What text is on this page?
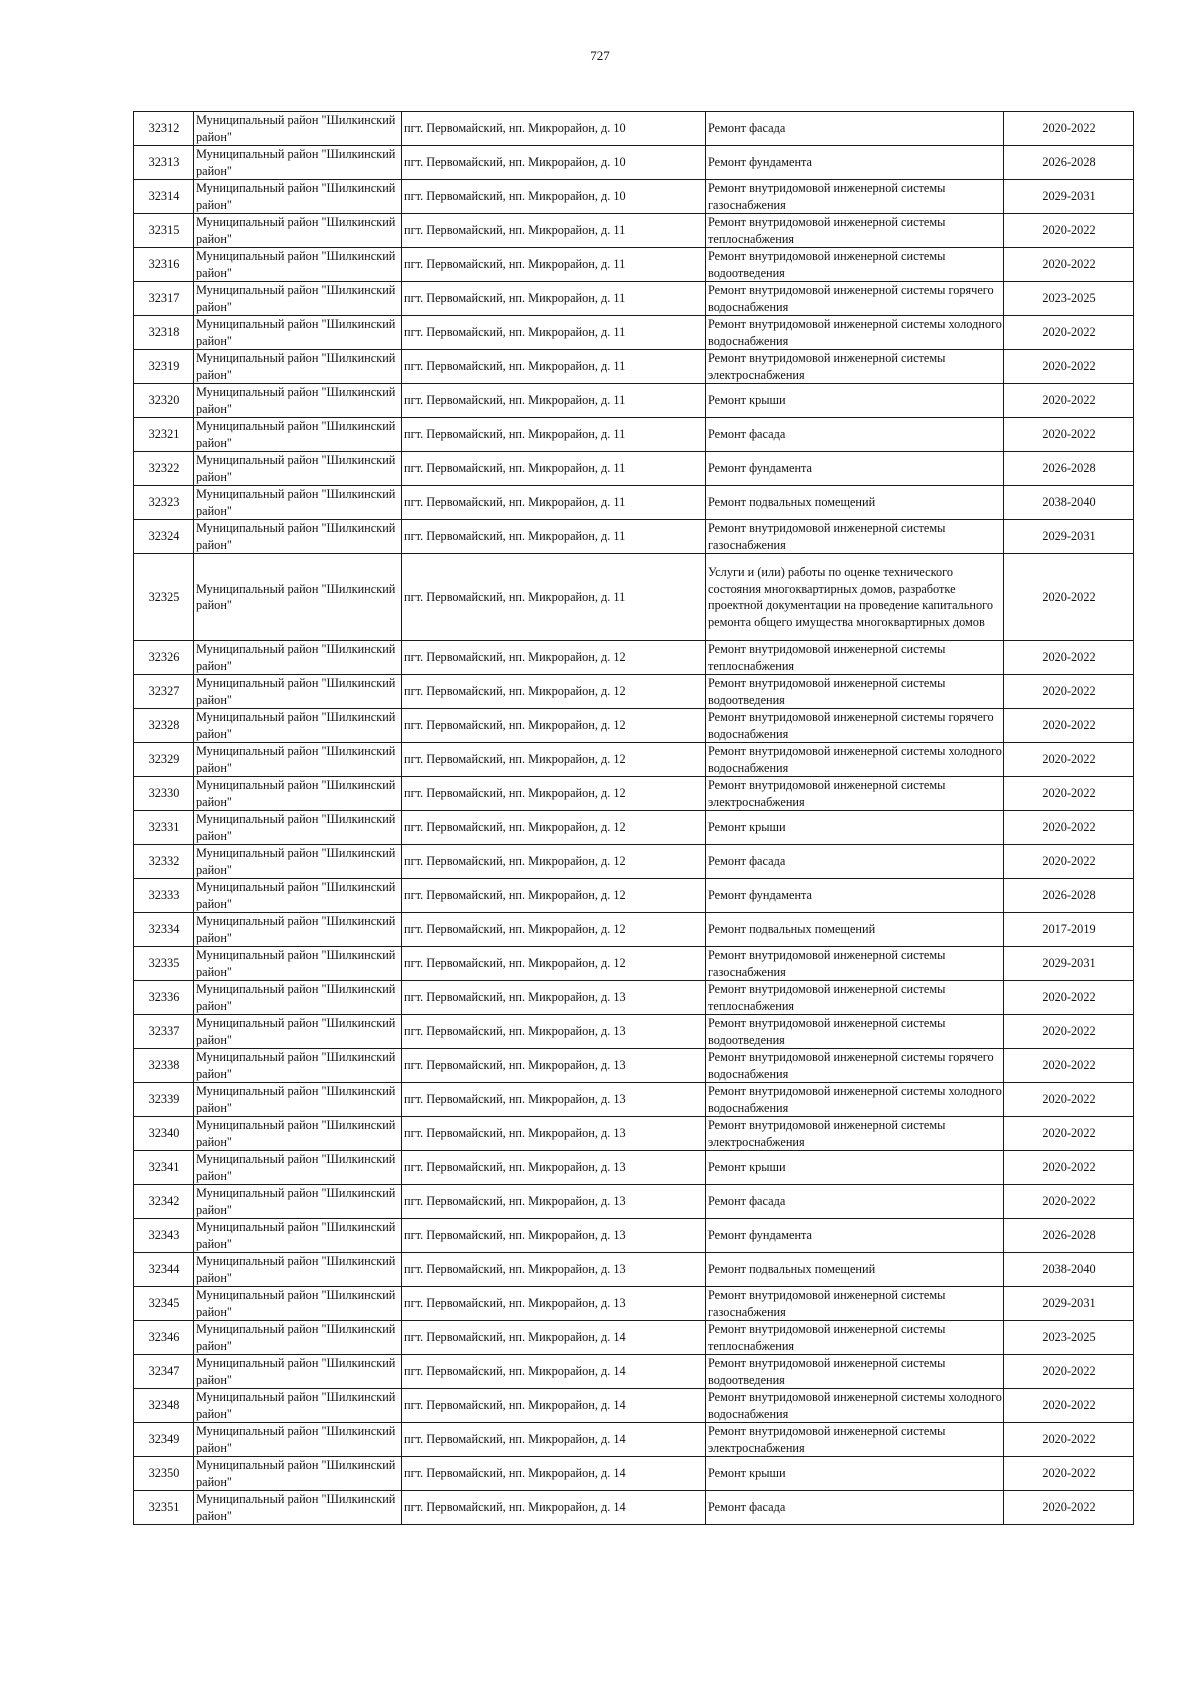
727
32312	Муниципальный район "Шилкинский район"	пгт. Первомайский, нп. Микрорайон, д. 10	Ремонт фасада	2020-2022
32313	Муниципальный район "Шилкинский район"	пгт. Первомайский, нп. Микрорайон, д. 10	Ремонт фундамента	2026-2028
32314	Муниципальный район "Шилкинский район"	пгт. Первомайский, нп. Микрорайон, д. 10	Ремонт внутридомовой инженерной системы газоснабжения	2029-2031
32315	Муниципальный район "Шилкинский район"	пгт. Первомайский, нп. Микрорайон, д. 11	Ремонт внутридомовой инженерной системы теплоснабжения	2020-2022
32316	Муниципальный район "Шилкинский район"	пгт. Первомайский, нп. Микрорайон, д. 11	Ремонт внутридомовой инженерной системы водоотведения	2020-2022
32317	Муниципальный район "Шилкинский район"	пгт. Первомайский, нп. Микрорайон, д. 11	Ремонт внутридомовой инженерной системы горячего водоснабжения	2023-2025
32318	Муниципальный район "Шилкинский район"	пгт. Первомайский, нп. Микрорайон, д. 11	Ремонт внутридомовой инженерной системы холодного водоснабжения	2020-2022
32319	Муниципальный район "Шилкинский район"	пгт. Первомайский, нп. Микрорайон, д. 11	Ремонт внутридомовой инженерной системы электроснабжения	2020-2022
32320	Муниципальный район "Шилкинский район"	пгт. Первомайский, нп. Микрорайон, д. 11	Ремонт крыши	2020-2022
32321	Муниципальный район "Шилкинский район"	пгт. Первомайский, нп. Микрорайон, д. 11	Ремонт фасада	2020-2022
32322	Муниципальный район "Шилкинский район"	пгт. Первомайский, нп. Микрорайон, д. 11	Ремонт фундамента	2026-2028
32323	Муниципальный район "Шилкинский район"	пгт. Первомайский, нп. Микрорайон, д. 11	Ремонт подвальных помещений	2038-2040
32324	Муниципальный район "Шилкинский район"	пгт. Первомайский, нп. Микрорайон, д. 11	Ремонт внутридомовой инженерной системы газоснабжения	2029-2031
32325	Муниципальный район "Шилкинский район"	пгт. Первомайский, нп. Микрорайон, д. 11	Услуги и (или) работы по оценке технического состояния многоквартирных домов, разработке проектной документации на проведение капитального ремонта общего имущества многоквартирных домов	2020-2022
32326	Муниципальный район "Шилкинский район"	пгт. Первомайский, нп. Микрорайон, д. 12	Ремонт внутридомовой инженерной системы теплоснабжения	2020-2022
32327	Муниципальный район "Шилкинский район"	пгт. Первомайский, нп. Микрорайон, д. 12	Ремонт внутридомовой инженерной системы водоотведения	2020-2022
32328	Муниципальный район "Шилкинский район"	пгт. Первомайский, нп. Микрорайон, д. 12	Ремонт внутридомовой инженерной системы горячего водоснабжения	2020-2022
32329	Муниципальный район "Шилкинский район"	пгт. Первомайский, нп. Микрорайон, д. 12	Ремонт внутридомовой инженерной системы холодного водоснабжения	2020-2022
32330	Муниципальный район "Шилкинский район"	пгт. Первомайский, нп. Микрорайон, д. 12	Ремонт внутридомовой инженерной системы электроснабжения	2020-2022
32331	Муниципальный район "Шилкинский район"	пгт. Первомайский, нп. Микрорайон, д. 12	Ремонт крыши	2020-2022
32332	Муниципальный район "Шилкинский район"	пгт. Первомайский, нп. Микрорайон, д. 12	Ремонт фасада	2020-2022
32333	Муниципальный район "Шилкинский район"	пгт. Первомайский, нп. Микрорайон, д. 12	Ремонт фундамента	2026-2028
32334	Муниципальный район "Шилкинский район"	пгт. Первомайский, нп. Микрорайон, д. 12	Ремонт подвальных помещений	2017-2019
32335	Муниципальный район "Шилкинский район"	пгт. Первомайский, нп. Микрорайон, д. 12	Ремонт внутридомовой инженерной системы газоснабжения	2029-2031
32336	Муниципальный район "Шилкинский район"	пгт. Первомайский, нп. Микрорайон, д. 13	Ремонт внутридомовой инженерной системы теплоснабжения	2020-2022
32337	Муниципальный район "Шилкинский район"	пгт. Первомайский, нп. Микрорайон, д. 13	Ремонт внутридомовой инженерной системы водоотведения	2020-2022
32338	Муниципальный район "Шилкинский район"	пгт. Первомайский, нп. Микрорайон, д. 13	Ремонт внутридомовой инженерной системы горячего водоснабжения	2020-2022
32339	Муниципальный район "Шилкинский район"	пгт. Первомайский, нп. Микрорайон, д. 13	Ремонт внутридомовой инженерной системы холодного водоснабжения	2020-2022
32340	Муниципальный район "Шилкинский район"	пгт. Первомайский, нп. Микрорайон, д. 13	Ремонт внутридомовой инженерной системы электроснабжения	2020-2022
32341	Муниципальный район "Шилкинский район"	пгт. Первомайский, нп. Микрорайон, д. 13	Ремонт крыши	2020-2022
32342	Муниципальный район "Шилкинский район"	пгт. Первомайский, нп. Микрорайон, д. 13	Ремонт фасада	2020-2022
32343	Муниципальный район "Шилкинский район"	пгт. Первомайский, нп. Микрорайон, д. 13	Ремонт фундамента	2026-2028
32344	Муниципальный район "Шилкинский район"	пгт. Первомайский, нп. Микрорайон, д. 13	Ремонт подвальных помещений	2038-2040
32345	Муниципальный район "Шилкинский район"	пгт. Первомайский, нп. Микрорайон, д. 13	Ремонт внутридомовой инженерной системы газоснабжения	2029-2031
32346	Муниципальный район "Шилкинский район"	пгт. Первомайский, нп. Микрорайон, д. 14	Ремонт внутридомовой инженерной системы теплоснабжения	2023-2025
32347	Муниципальный район "Шилкинский район"	пгт. Первомайский, нп. Микрорайон, д. 14	Ремонт внутридомовой инженерной системы водоотведения	2020-2022
32348	Муниципальный район "Шилкинский район"	пгт. Первомайский, нп. Микрорайон, д. 14	Ремонт внутридомовой инженерной системы холодного водоснабжения	2020-2022
32349	Муниципальный район "Шилкинский район"	пгт. Первомайский, нп. Микрорайон, д. 14	Ремонт внутридомовой инженерной системы электроснабжения	2020-2022
32350	Муниципальный район "Шилкинский район"	пгт. Первомайский, нп. Микрорайон, д. 14	Ремонт крыши	2020-2022
32351	Муниципальный район "Шилкинский район"	пгт. Первомайский, нп. Микрорайон, д. 14	Ремонт фасада	2020-2022
